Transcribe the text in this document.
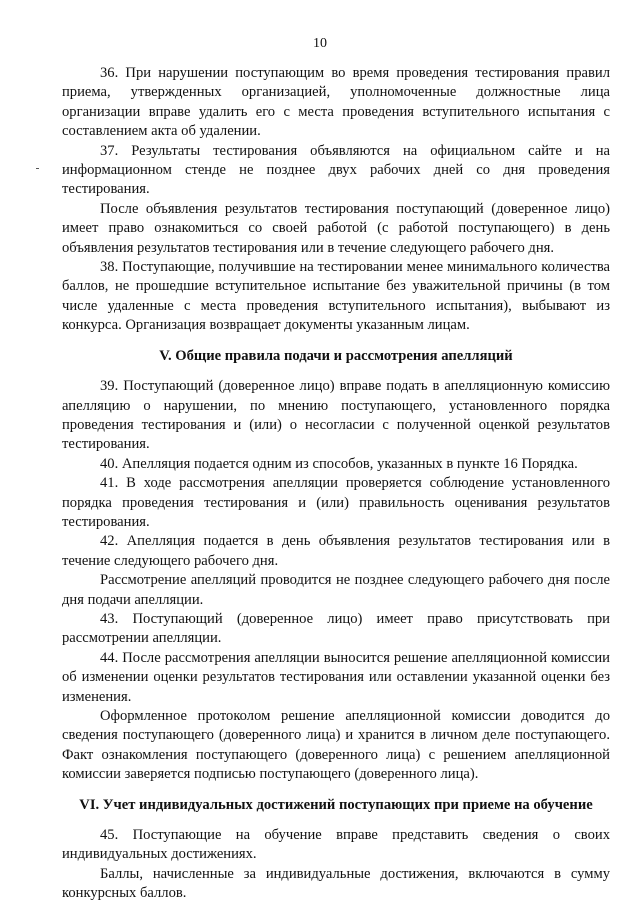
10

36. При нарушении поступающим во время проведения тестирования правил приема, утвержденных организацией, уполномоченные должностные лица организации вправе удалить его с места проведения вступительного испытания с составлением акта об удалении.

37. Результаты тестирования объявляются на официальном сайте и на информационном стенде не позднее двух рабочих дней со дня проведения тестирования.

После объявления результатов тестирования поступающий (доверенное лицо) имеет право ознакомиться со своей работой (с работой поступающего) в день объявления результатов тестирования или в течение следующего рабочего дня.

38. Поступающие, получившие на тестировании менее минимального количества баллов, не прошедшие вступительное испытание без уважительной причины (в том числе удаленные с места проведения вступительного испытания), выбывают из конкурса. Организация возвращает документы указанным лицам.

V. Общие правила подачи и рассмотрения апелляций

39. Поступающий (доверенное лицо) вправе подать в апелляционную комиссию апелляцию о нарушении, по мнению поступающего, установленного порядка проведения тестирования и (или) о несогласии с полученной оценкой результатов тестирования.

40. Апелляция подается одним из способов, указанных в пункте 16 Порядка.

41. В ходе рассмотрения апелляции проверяется соблюдение установленного порядка проведения тестирования и (или) правильность оценивания результатов тестирования.

42. Апелляция подается в день объявления результатов тестирования или в течение следующего рабочего дня.

Рассмотрение апелляций проводится не позднее следующего рабочего дня после дня подачи апелляции.

43. Поступающий (доверенное лицо) имеет право присутствовать при рассмотрении апелляции.

44. После рассмотрения апелляции выносится решение апелляционной комиссии об изменении оценки результатов тестирования или оставлении указанной оценки без изменения.

Оформленное протоколом решение апелляционной комиссии доводится до сведения поступающего (доверенного лица) и хранится в личном деле поступающего. Факт ознакомления поступающего (доверенного лица) с решением апелляционной комиссии заверяется подписью поступающего (доверенного лица).

VI. Учет индивидуальных достижений поступающих при приеме на обучение

45. Поступающие на обучение вправе представить сведения о своих индивидуальных достижениях.

Баллы, начисленные за индивидуальные достижения, включаются в сумму конкурсных баллов.
